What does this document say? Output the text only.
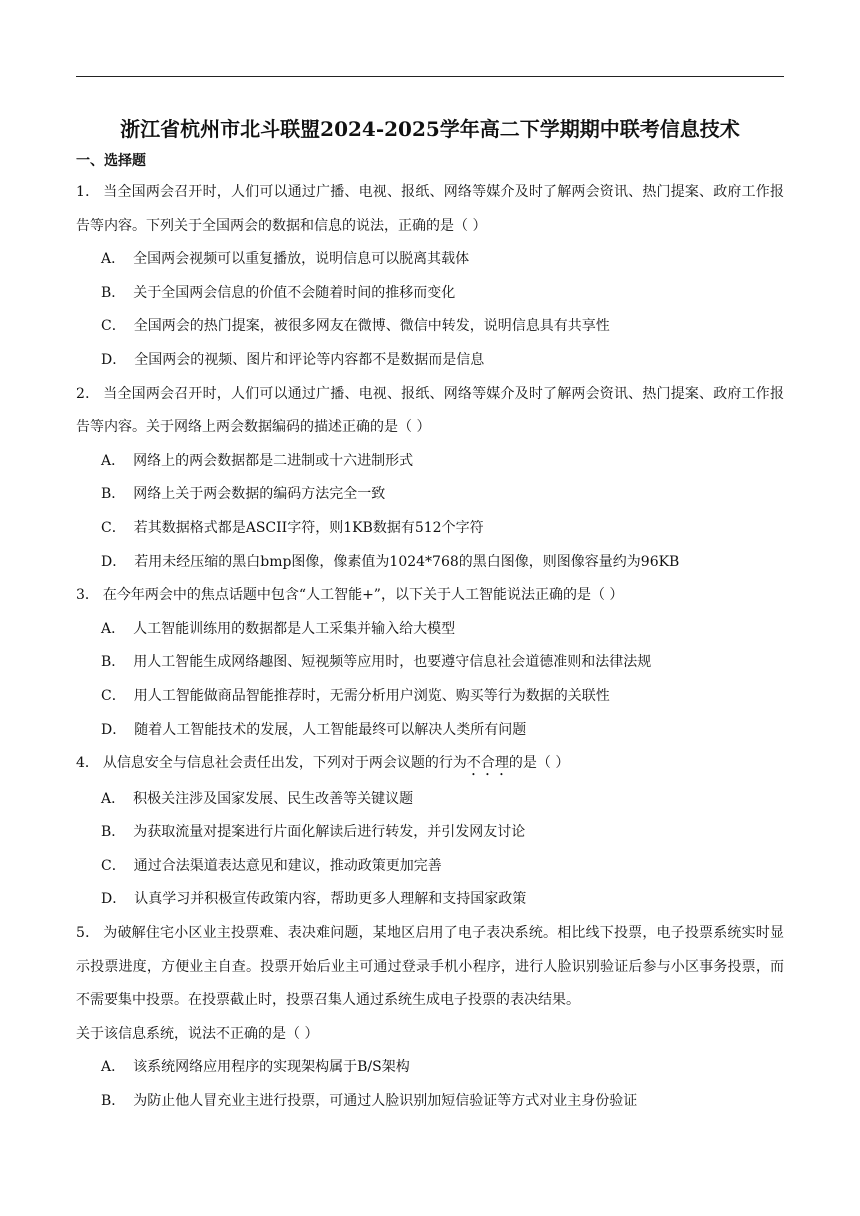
浙江省杭州市北斗联盟2024-2025学年高二下学期期中联考信息技术
一、选择题

1． 当全国两会召开时，人们可以通过广播、电视、报纸、网络等媒介及时了解两会资讯、热门提案、政府工作报告等内容。下列关于全国两会的数据和信息的说法，正确的是（ ）

A． 全国两会视频可以重复播放，说明信息可以脱离其载体

B． 关于全国两会信息的价值不会随着时间的推移而变化

C． 全国两会的热门提案，被很多网友在微博、微信中转发，说明信息具有共享性

D． 全国两会的视频、图片和评论等内容都不是数据而是信息

2． 当全国两会召开时，人们可以通过广播、电视、报纸、网络等媒介及时了解两会资讯、热门提案、政府工作报告等内容。关于网络上两会数据编码的描述正确的是（ ）

A． 网络上的两会数据都是二进制或十六进制形式

B． 网络上关于两会数据的编码方法完全一致

C． 若其数据格式都是ASCII字符，则1KB数据有512个字符

D． 若用未经压缩的黑白bmp图像，像素值为1024*768的黑白图像，则图像容量约为96KB

3． 在今年两会中的焦点话题中包含“人工智能+”，以下关于人工智能说法正确的是（ ）

A． 人工智能训练用的数据都是人工采集并输入给大模型

B． 用人工智能生成网络趣图、短视频等应用时，也要遵守信息社会道德准则和法律法规

C． 用人工智能做商品智能推荐时，无需分析用户浏览、购买等行为数据的关联性

D． 随着人工智能技术的发展，人工智能最终可以解决人类所有问题

4． 从信息安全与信息社会责任出发，下列对于两会议题的行为不合理的是（ ）

A． 积极关注涉及国家发展、民生改善等关键议题

B． 为获取流量对提案进行片面化解读后进行转发，并引发网友讨论

C． 通过合法渠道表达意见和建议，推动政策更加完善

D． 认真学习并积极宣传政策内容，帮助更多人理解和支持国家政策

5． 为破解住宅小区业主投票难、表决难问题，某地区启用了电子表决系统。相比线下投票，电子投票系统实时显示投票进度，方便业主自查。投票开始后业主可通过登录手机小程序，进行人脸识别验证后参与小区事务投票，而不需要集中投票。在投票截止时，投票召集人通过系统生成电子投票的表决结果。

关于该信息系统，说法不正确的是（ ）

A． 该系统网络应用程序的实现架构属于B/S架构

B． 为防止他人冒充业主进行投票，可通过人脸识别加短信验证等方式对业主身份验证
